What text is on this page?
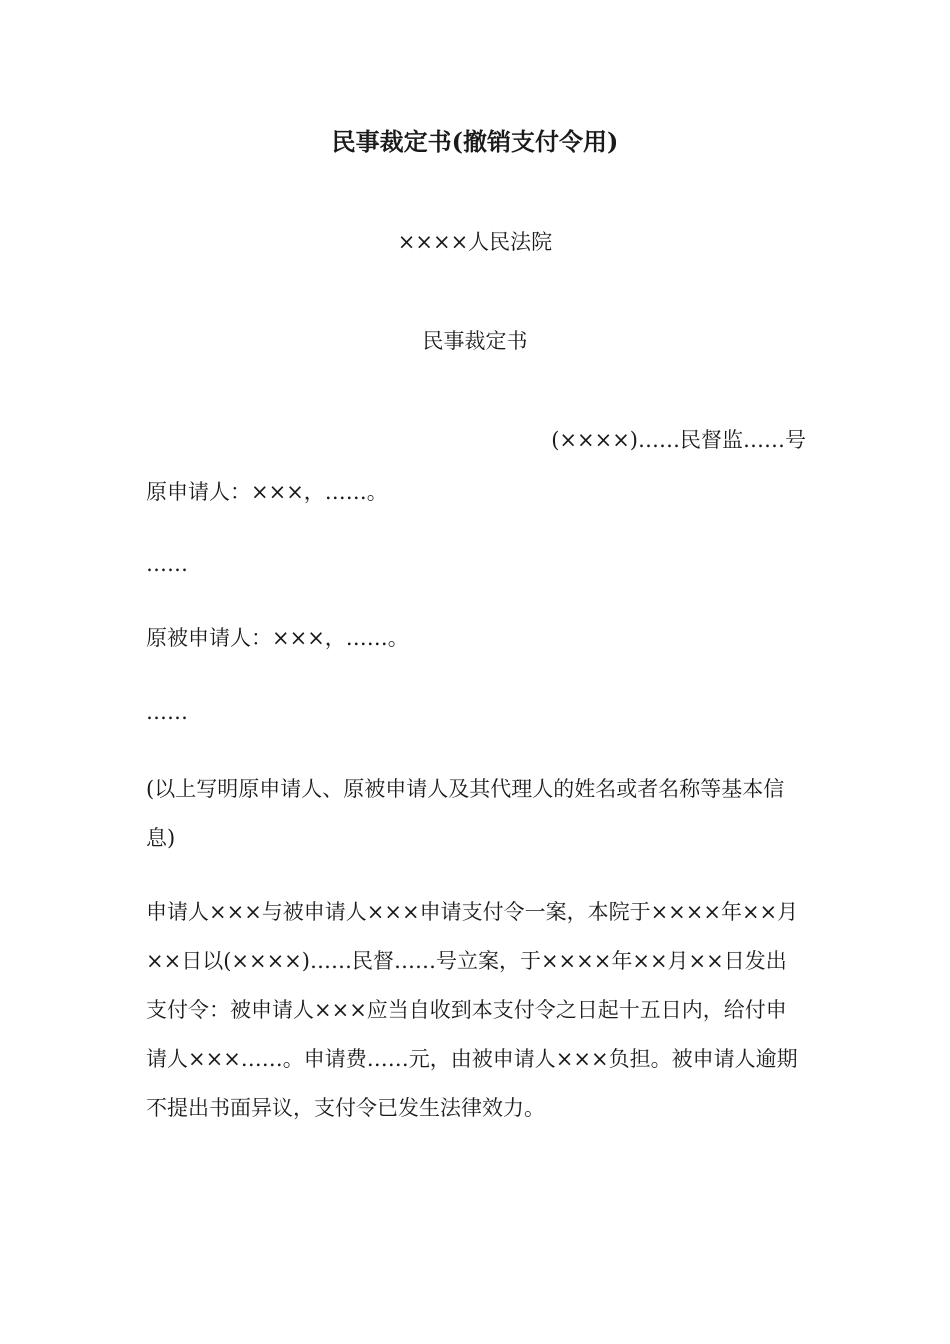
民事裁定书(撤销支付令用)
××××人民法院
民事裁定书
(××××)……民督监……号

原申请人：×××，……。

……

原被申请人：×××，……。

……

(以上写明原申请人、原被申请人及其代理人的姓名或者名称等基本信息)

申请人×××与被申请人×××申请支付令一案，本院于××××年××月××日以(××××)……民督……号立案，于××××年××月××日发出支付令：被申请人×××应当自收到本支付令之日起十五日内，给付申请人×××……。申请费……元，由被申请人×××负担。被申请人逾期不提出书面异议，支付令已发生法律效力。
